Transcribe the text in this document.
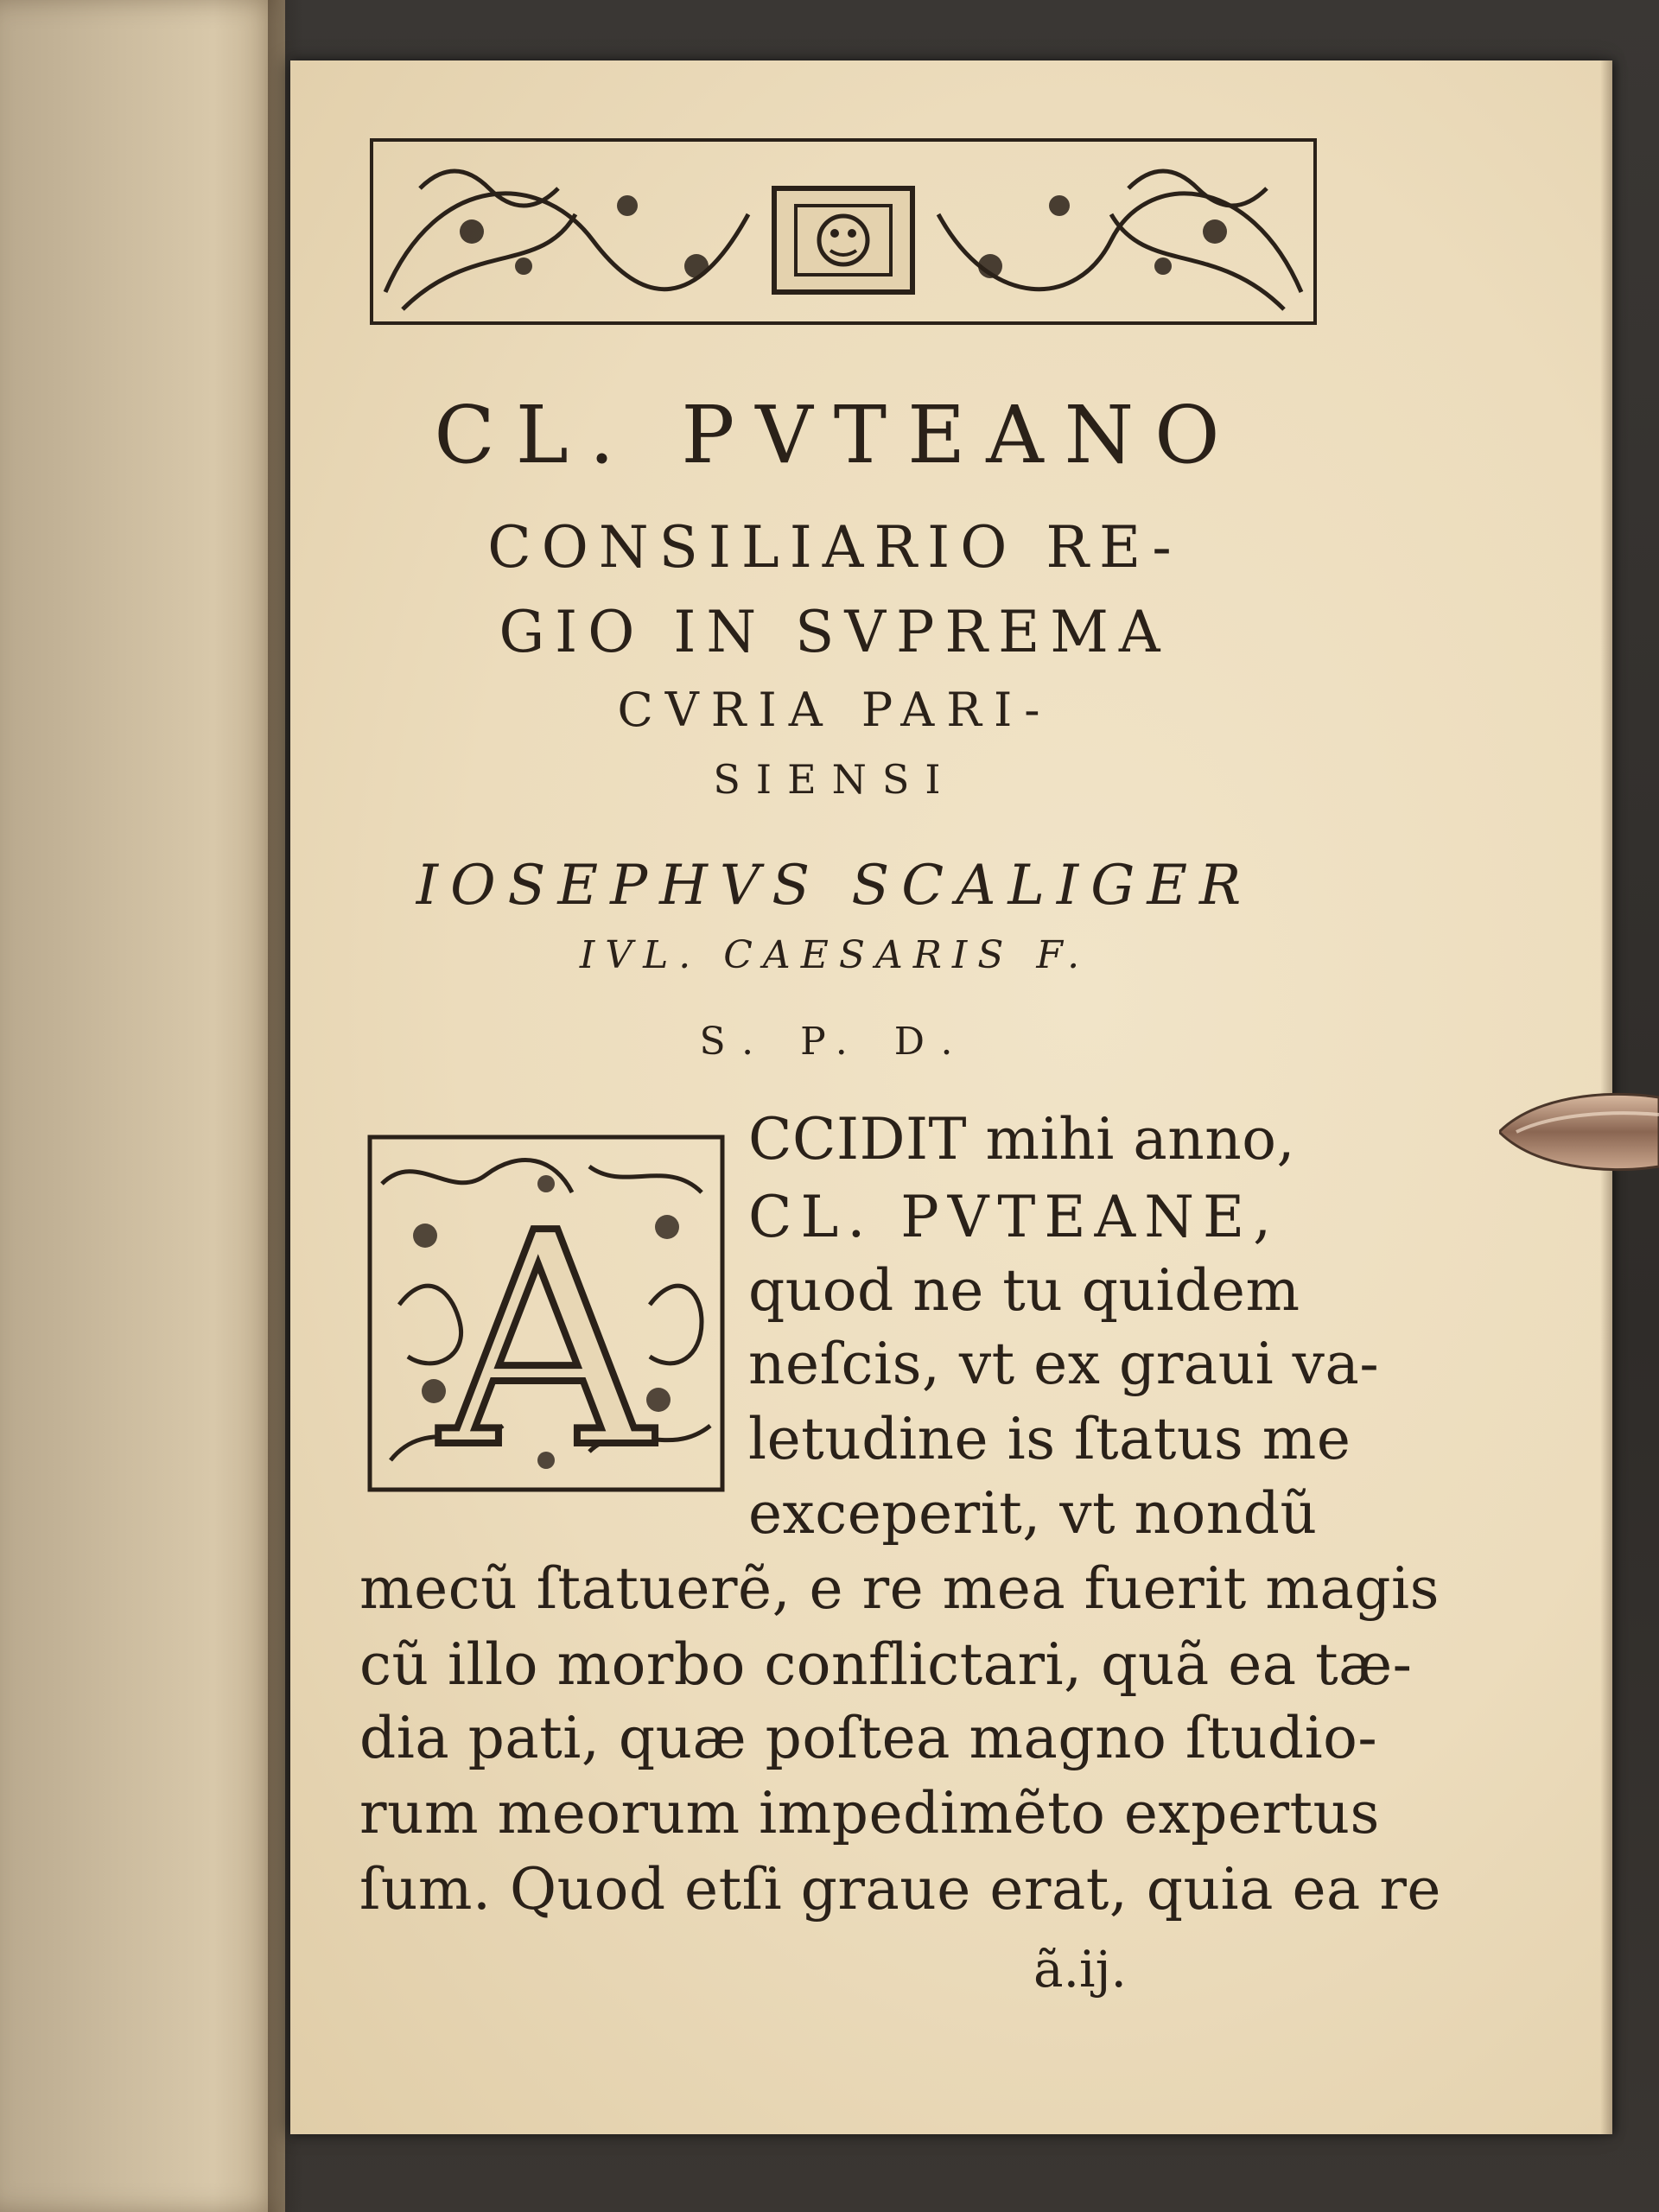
CL. PVTEANO
CONSILIARIO RE-
GIO IN SVPREMA
CVRIA PARI-
SIENSI
IOSEPHVS SCALIGER
IVL. CAESARIS F.
S. P. D.
A
CCIDIT mihi anno,
CL. PVTEANE,
quod ne tu quidem
neſcis, vt ex graui va-
letudine is ſtatus me
exceperit, vt nondũ
mecũ ſtatuerẽ, e re mea fuerit magis
cũ illo morbo conflictari, quã ea tæ-
dia pati, quæ poſtea magno ſtudio-
rum meorum impedimẽto expertus
ſum. Quod etſi graue erat, quia ea re
ã.ij.
